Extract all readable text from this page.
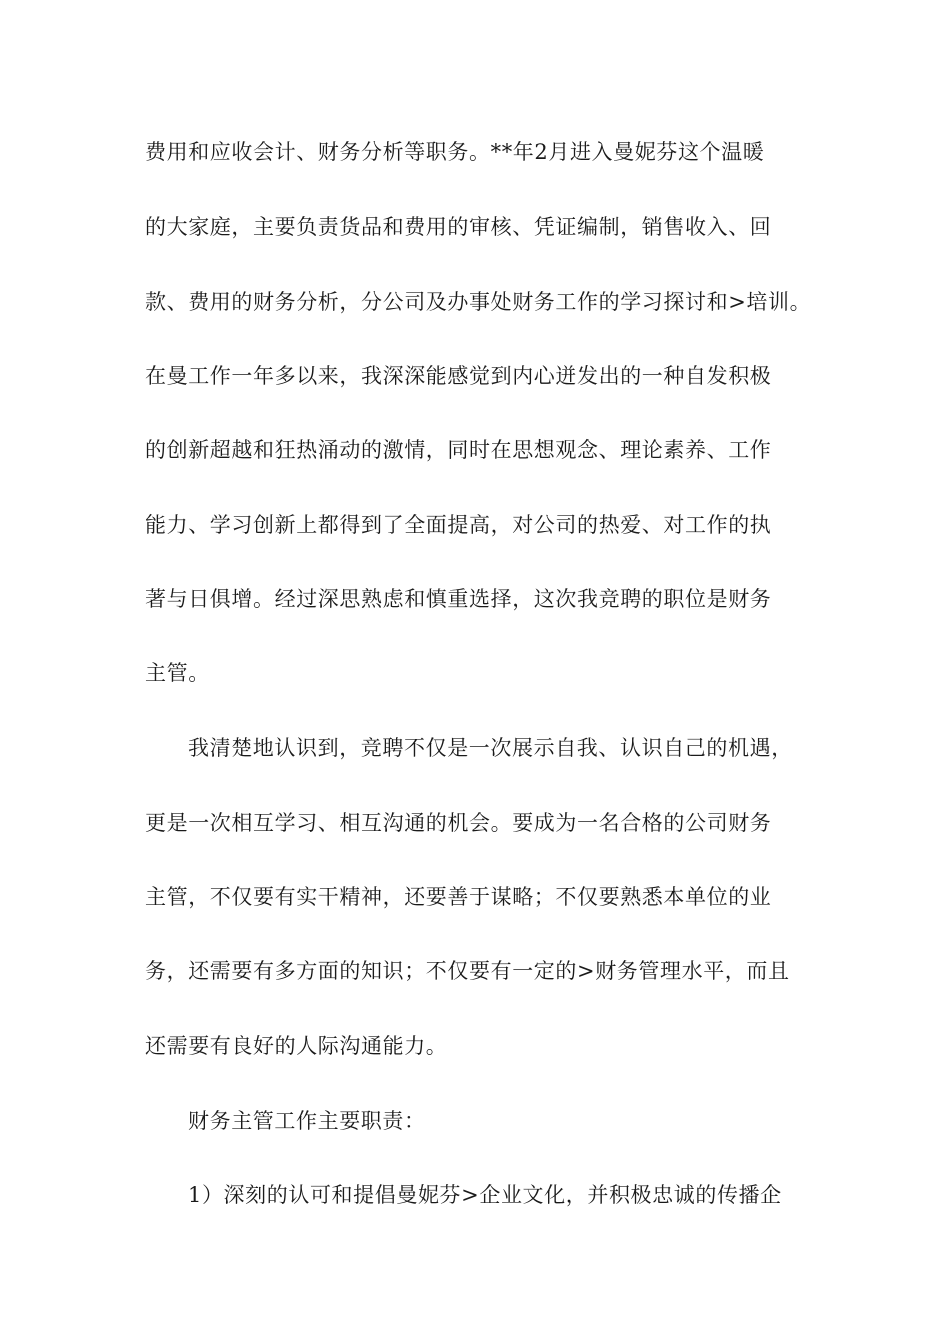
费用和应收会计、财务分析等职务。**年2月进入曼妮芬这个温暖
的大家庭，主要负责货品和费用的审核、凭证编制，销售收入、回
款、费用的财务分析，分公司及办事处财务工作的学习探讨和>培训。
在曼工作一年多以来，我深深能感觉到内心迸发出的一种自发积极
的创新超越和狂热涌动的激情，同时在思想观念、理论素养、工作
能力、学习创新上都得到了全面提高，对公司的热爱、对工作的执
著与日俱增。经过深思熟虑和慎重选择，这次我竞聘的职位是财务
主管。
我清楚地认识到，竞聘不仅是一次展示自我、认识自己的机遇，
更是一次相互学习、相互沟通的机会。要成为一名合格的公司财务
主管，不仅要有实干精神，还要善于谋略；不仅要熟悉本单位的业
务，还需要有多方面的知识；不仅要有一定的>财务管理水平，而且
还需要有良好的人际沟通能力。
财务主管工作主要职责：
1）深刻的认可和提倡曼妮芬>企业文化，并积极忠诚的传播企
